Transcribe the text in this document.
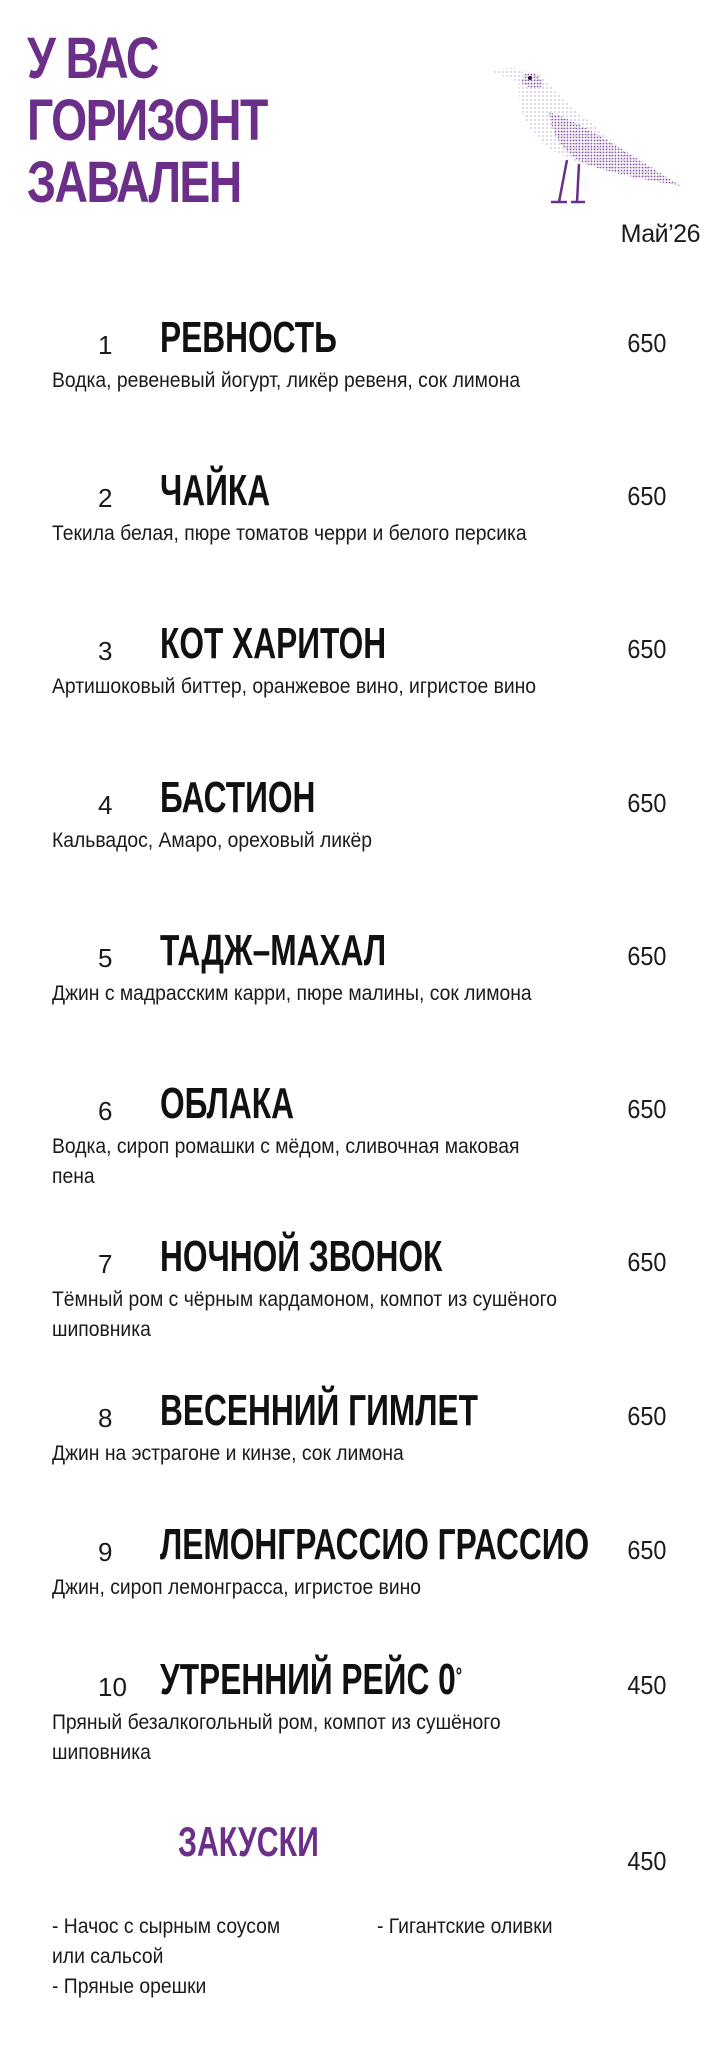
У ВАС
ГОРИЗОНТ
ЗАВАЛЕН
Май’26
1 РЕВНОСТЬ	650
Водка, ревеневый йогурт, ликёр ревеня, сок лимона
2 ЧАЙКА	650
Текила белая, пюре томатов черри и белого персика
3 КОТ ХАРИТОН	650
Артишоковый биттер, оранжевое вино, игристое вино
4 БАСТИОН	650
Кальвадос, Амаро, ореховый ликёр
5 ТАДЖ–МАХАЛ	650
Джин с мадрасским карри, пюре малины, сок лимона
6 ОБЛАКА	650
Водка, сироп ромашки с мёдом, сливочная маковая пена
7 НОЧНОЙ ЗВОНОК	650
Тёмный ром с чёрным кардамоном, компот из сушёного шиповника
8 ВЕСЕННИЙ ГИМЛЕТ	650
Джин на эстрагоне и кинзе, сок лимона
9 ЛЕМОНГРАССИО ГРАССИО 650
Джин, сироп лемонграсса, игристое вино
10 УТРЕННИЙ РЕЙС 0°	450
Пряный безалкогольный ром, компот из сушёного шиповника
ЗАКУСКИ	450
- Начос с сырным соусом или сальсой
- Пряные орешки
- Гигантские оливки
